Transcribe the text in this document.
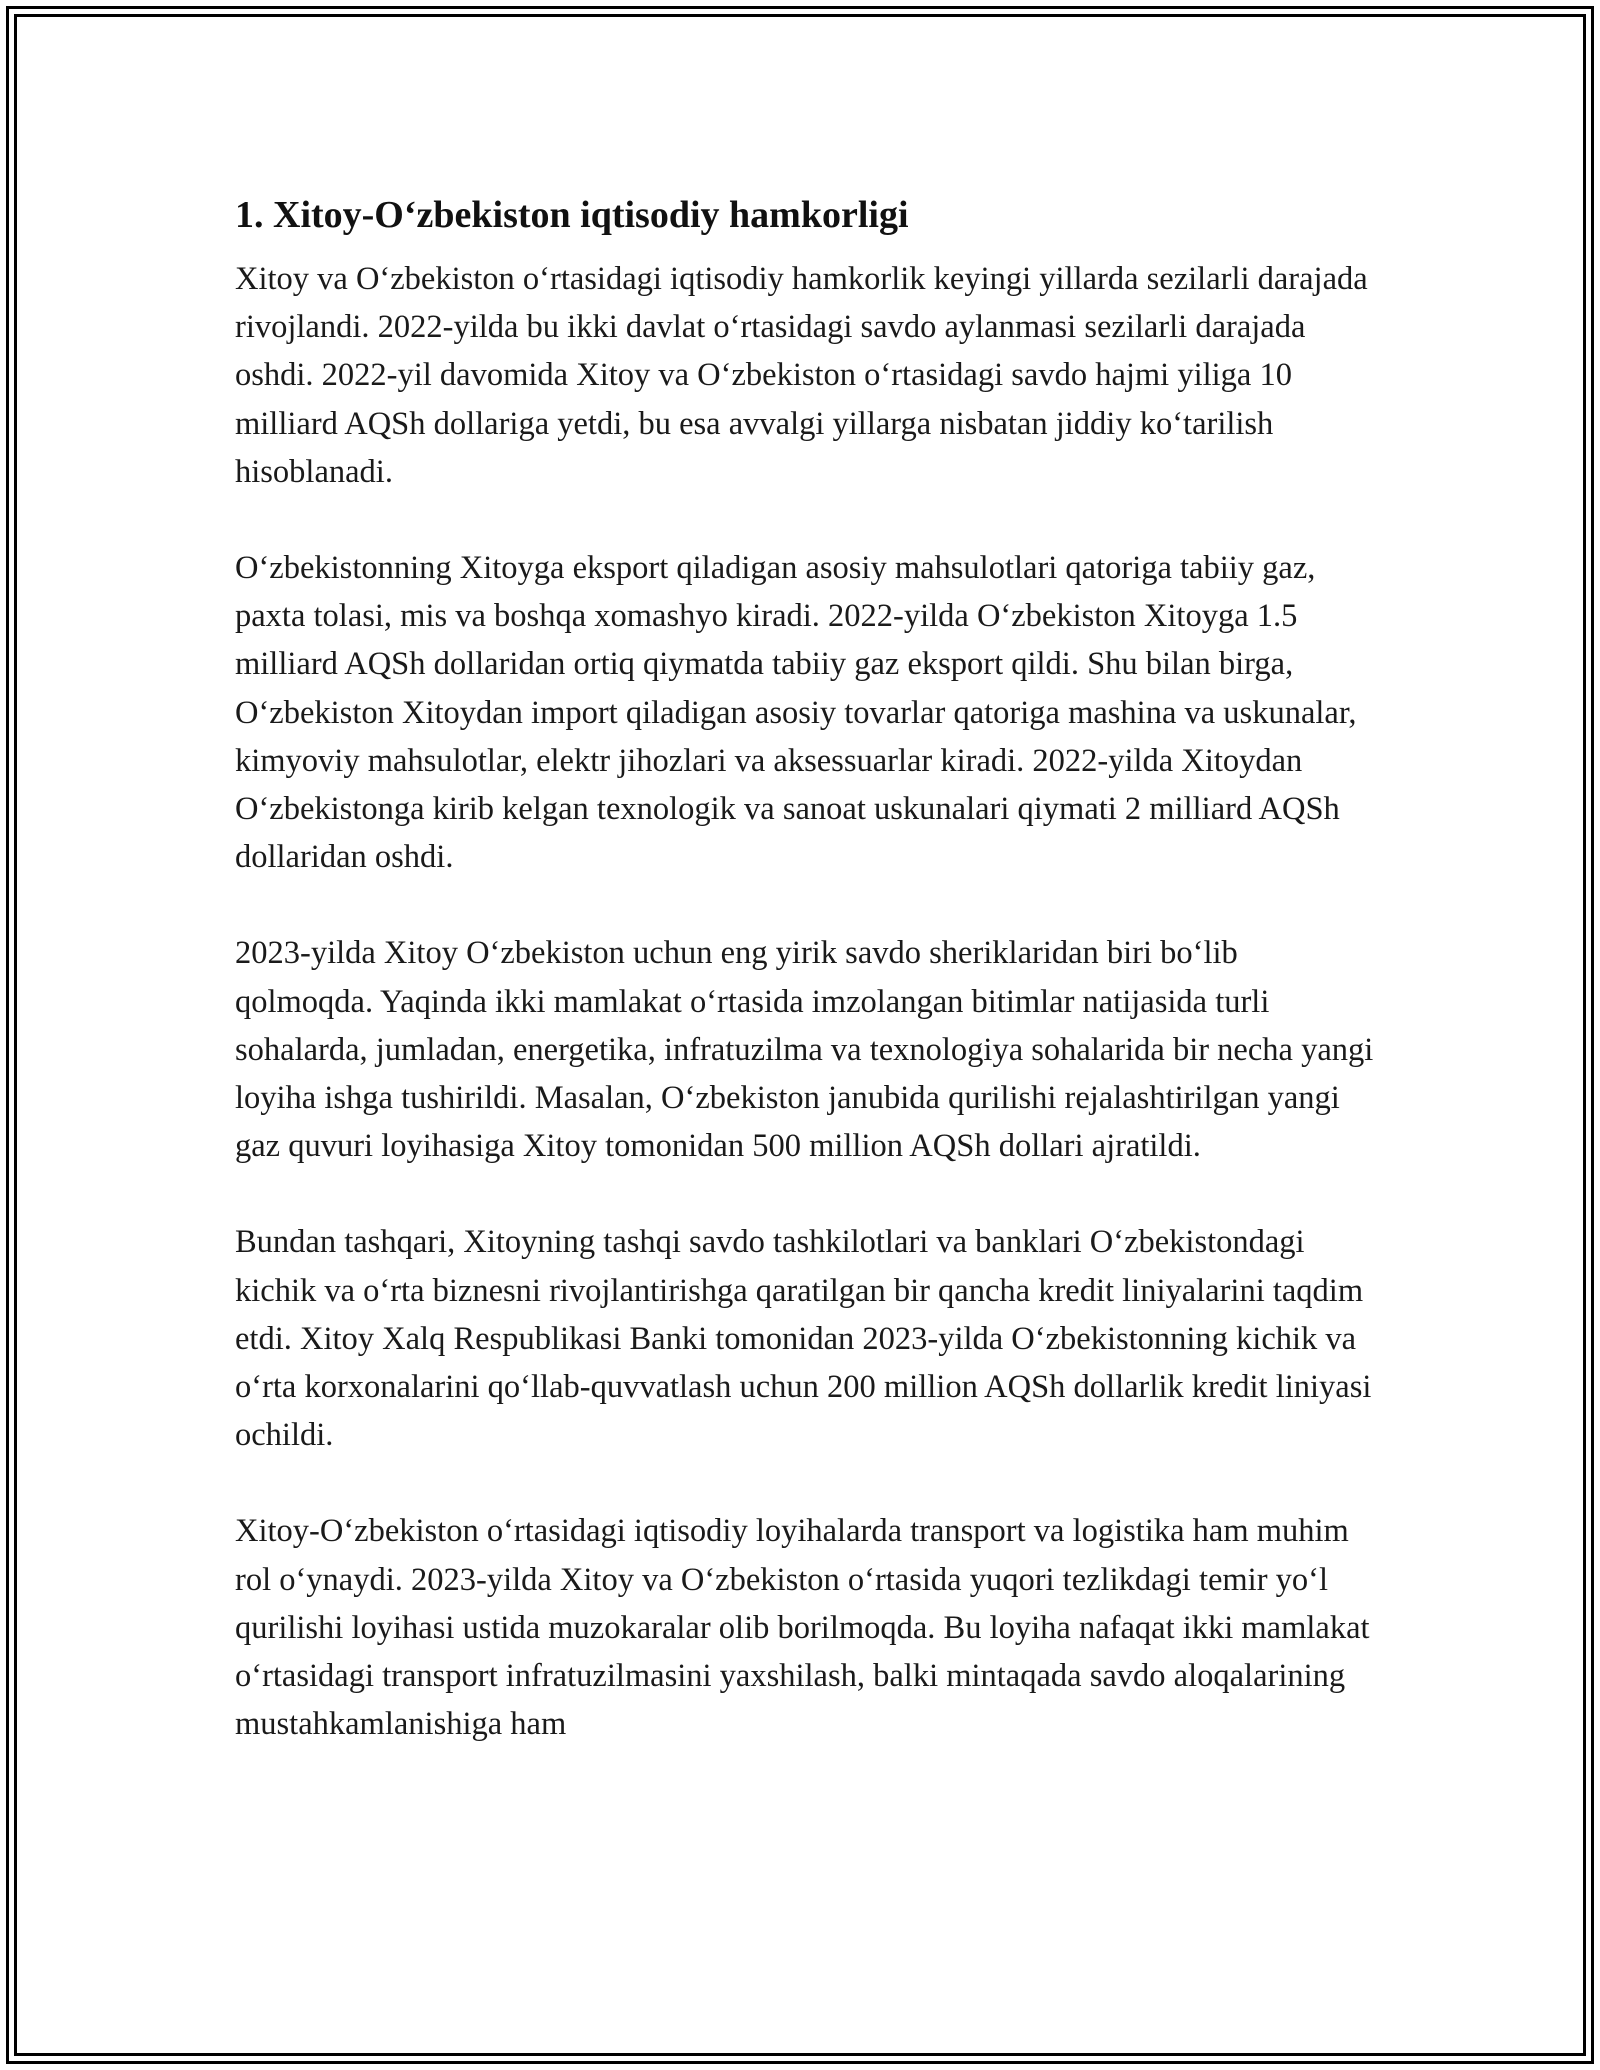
1. Xitoy-O‘zbekiston iqtisodiy hamkorligi

Xitoy va O‘zbekiston o‘rtasidagi iqtisodiy hamkorlik keyingi yillarda sezilarli darajada rivojlandi. 2022-yilda bu ikki davlat o‘rtasidagi savdo aylanmasi sezilarli darajada oshdi. 2022-yil davomida Xitoy va O‘zbekiston o‘rtasidagi savdo hajmi yiliga 10 milliard AQSh dollariga yetdi, bu esa avvalgi yillarga nisbatan jiddiy ko‘tarilish hisoblanadi.

O‘zbekistonning Xitoyga eksport qiladigan asosiy mahsulotlari qatoriga tabiiy gaz, paxta tolasi, mis va boshqa xomashyo kiradi. 2022-yilda O‘zbekiston Xitoyga 1.5 milliard AQSh dollaridan ortiq qiymatda tabiiy gaz eksport qildi. Shu bilan birga, O‘zbekiston Xitoydan import qiladigan asosiy tovarlar qatoriga mashina va uskunalar, kimyoviy mahsulotlar, elektr jihozlari va aksessuarlar kiradi. 2022-yilda Xitoydan O‘zbekistonga kirib kelgan texnologik va sanoat uskunalari qiymati 2 milliard AQSh dollaridan oshdi.

2023-yilda Xitoy O‘zbekiston uchun eng yirik savdo sheriklaridan biri bo‘lib qolmoqda. Yaqinda ikki mamlakat o‘rtasida imzolangan bitimlar natijasida turli sohalarda, jumladan, energetika, infratuzilma va texnologiya sohalarida bir necha yangi loyiha ishga tushirildi. Masalan, O‘zbekiston janubida qurilishi rejalashtirilgan yangi gaz quvuri loyihasiga Xitoy tomonidan 500 million AQSh dollari ajratildi.

Bundan tashqari, Xitoyning tashqi savdo tashkilotlari va banklari O‘zbekistondagi kichik va o‘rta biznesni rivojlantirishga qaratilgan bir qancha kredit liniyalarini taqdim etdi. Xitoy Xalq Respublikasi Banki tomonidan 2023-yilda O‘zbekistonning kichik va o‘rta korxonalarini qo‘llab-quvvatlash uchun 200 million AQSh dollarlik kredit liniyasi ochildi.

Xitoy-O‘zbekiston o‘rtasidagi iqtisodiy loyihalarda transport va logistika ham muhim rol o‘ynaydi. 2023-yilda Xitoy va O‘zbekiston o‘rtasida yuqori tezlikdagi temir yo‘l qurilishi loyihasi ustida muzokaralar olib borilmoqda. Bu loyiha nafaqat ikki mamlakat o‘rtasidagi transport infratuzilmasini yaxshilash, balki mintaqada savdo aloqalarining mustahkamlanishiga ham
